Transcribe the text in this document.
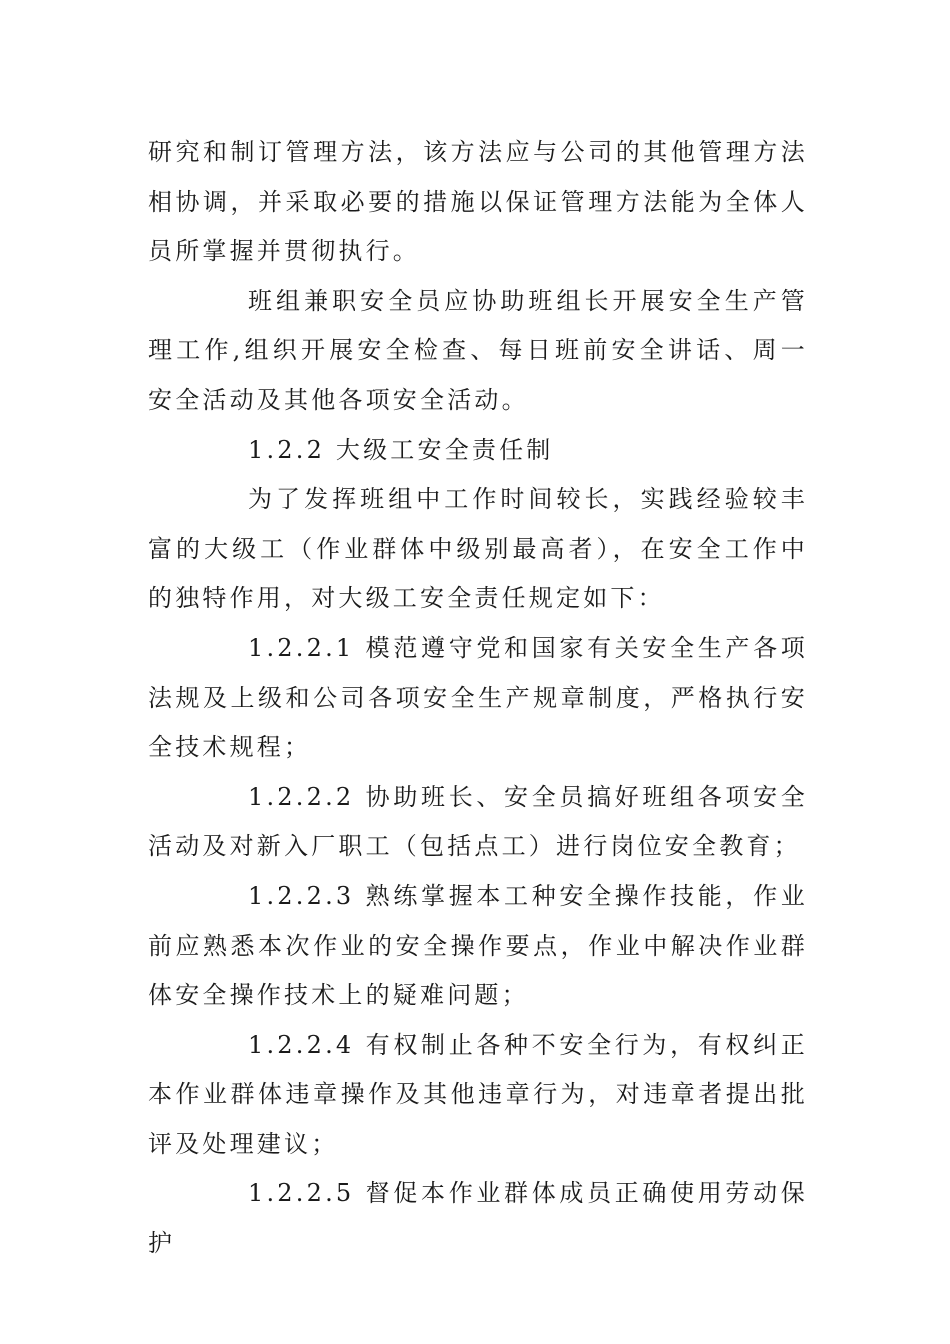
研究和制订管理方法，该方法应与公司的其他管理方法相协调，并采取必要的措施以保证管理方法能为全体人员所掌握并贯彻执行。

班组兼职安全员应协助班组长开展安全生产管理工作,组织开展安全检查、每日班前安全讲话、周一安全活动及其他各项安全活动。

1.2.2 大级工安全责任制

为了发挥班组中工作时间较长，实践经验较丰富的大级工（作业群体中级别最高者），在安全工作中的独特作用，对大级工安全责任规定如下：

1.2.2.1 模范遵守党和国家有关安全生产各项法规及上级和公司各项安全生产规章制度，严格执行安全技术规程；

1.2.2.2 协助班长、安全员搞好班组各项安全活动及对新入厂职工（包括点工）进行岗位安全教育；

1.2.2.3 熟练掌握本工种安全操作技能，作业前应熟悉本次作业的安全操作要点，作业中解决作业群体安全操作技术上的疑难问题；

1.2.2.4 有权制止各种不安全行为，有权纠正本作业群体违章操作及其他违章行为，对违章者提出批评及处理建议；

1.2.2.5 督促本作业群体成员正确使用劳动保护
